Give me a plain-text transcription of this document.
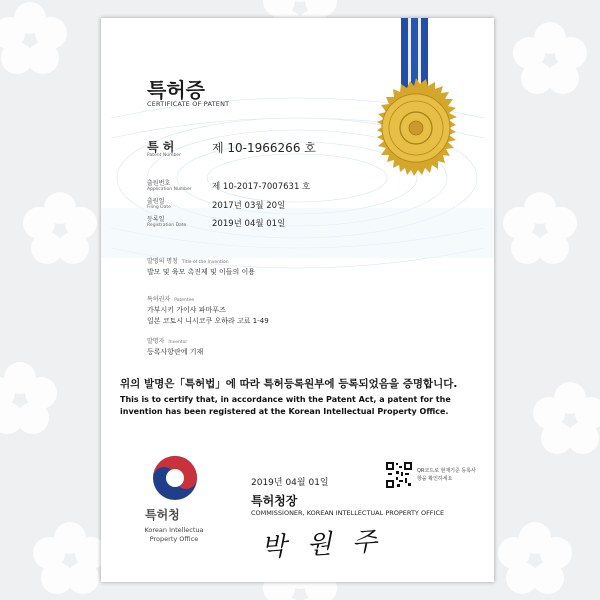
특허증
CERTIFICATE OF PATENT
특 허
Patent Number
제 10-1966266 호
출원번호
Application Number 제 10-2017-7007631 호
출원일
Filing Date	2017년 03월 20일
등록일
Registration Date	2019년 04월 01일
발명의 명칭 Title of the Invention
발모 및 육모 촉진제 및 이들의 이용
특허권자 Patentee
가부시키 가이샤 파마푸즈
일본 코토시 니시코쿠 오하라 고료 1-49
발명자 Inventor
등록사항란에 기재
위의 발명은「특허법」에 따라 특허등록원부에 등록되었음을 증명합니다.
This is to certify that, in accordance with the Patent Act, a patent for the invention has been registered at the Korean Intellectual Property Office.
특허청
Korean Intellectua Property Office
2019년 04월 01일
QR코드로 현재기준 등록사항을 확인하세요
특허청장
COMMISSIONER, KOREAN INTELLECTUAL PROPERTY OFFICE
박 원 주
